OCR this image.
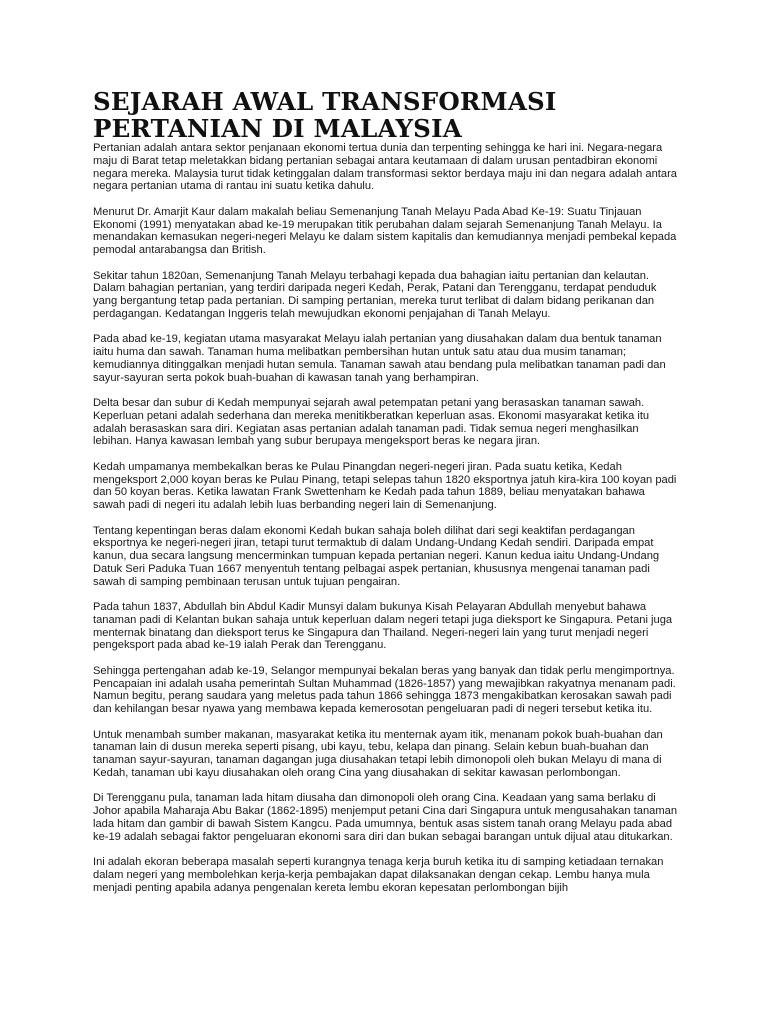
SEJARAH AWAL TRANSFORMASI
PERTANIAN DI MALAYSIA

Pertanian adalah antara sektor penjanaan ekonomi tertua dunia dan terpenting sehingga ke hari ini. Negara-negara maju di Barat tetap meletakkan bidang pertanian sebagai antara keutamaan di dalam urusan pentadbiran ekonomi negara mereka. Malaysia turut tidak ketinggalan dalam transformasi sektor berdaya maju ini dan negara adalah antara negara pertanian utama di rantau ini suatu ketika dahulu.

Menurut Dr. Amarjit Kaur dalam makalah beliau Semenanjung Tanah Melayu Pada Abad Ke-19: Suatu Tinjauan Ekonomi (1991) menyatakan abad ke-19 merupakan titik perubahan dalam sejarah Semenanjung Tanah Melayu. Ia menandakan kemasukan negeri-negeri Melayu ke dalam sistem kapitalis dan kemudiannya menjadi pembekal kepada pemodal antarabangsa dan British.

Sekitar tahun 1820an, Semenanjung Tanah Melayu terbahagi kepada dua bahagian iaitu pertanian dan kelautan. Dalam bahagian pertanian, yang terdiri daripada negeri Kedah, Perak, Patani dan Terengganu, terdapat penduduk yang bergantung tetap pada pertanian. Di samping pertanian, mereka turut terlibat di dalam bidang perikanan dan perdagangan. Kedatangan Inggeris telah mewujudkan ekonomi penjajahan di Tanah Melayu.

Pada abad ke-19, kegiatan utama masyarakat Melayu ialah pertanian yang diusahakan dalam dua bentuk tanaman iaitu huma dan sawah. Tanaman huma melibatkan pembersihan hutan untuk satu atau dua musim tanaman; kemudiannya ditinggalkan menjadi hutan semula. Tanaman sawah atau bendang pula melibatkan tanaman padi dan sayur-sayuran serta pokok buah-buahan di kawasan tanah yang berhampiran.

Delta besar dan subur di Kedah mempunyai sejarah awal petempatan petani yang berasaskan tanaman sawah. Keperluan petani adalah sederhana dan mereka menitikberatkan keperluan asas. Ekonomi masyarakat ketika itu adalah berasaskan sara diri. Kegiatan asas pertanian adalah tanaman padi. Tidak semua negeri menghasilkan lebihan. Hanya kawasan lembah yang subur berupaya mengeksport beras ke negara jiran.

Kedah umpamanya membekalkan beras ke Pulau Pinangdan negeri-negeri jiran. Pada suatu ketika, Kedah mengeksport 2,000 koyan beras ke Pulau Pinang, tetapi selepas tahun 1820 eksportnya jatuh kira-kira 100 koyan padi dan 50 koyan beras. Ketika lawatan Frank Swettenham ke Kedah pada tahun 1889, beliau menyatakan bahawa sawah padi di negeri itu adalah lebih luas berbanding negeri lain di Semenanjung.

Tentang kepentingan beras dalam ekonomi Kedah bukan sahaja boleh dilihat dari segi keaktifan perdagangan eksportnya ke negeri-negeri jiran, tetapi turut termaktub di dalam Undang-Undang Kedah sendiri. Daripada empat kanun, dua secara langsung mencerminkan tumpuan kepada pertanian negeri. Kanun kedua iaitu Undang-Undang Datuk Seri Paduka Tuan 1667 menyentuh tentang pelbagai aspek pertanian, khususnya mengenai tanaman padi sawah di samping pembinaan terusan untuk tujuan pengairan.

Pada tahun 1837, Abdullah bin Abdul Kadir Munsyi dalam bukunya Kisah Pelayaran Abdullah menyebut bahawa tanaman padi di Kelantan bukan sahaja untuk keperluan dalam negeri tetapi juga dieksport ke Singapura. Petani juga menternak binatang dan dieksport terus ke Singapura dan Thailand. Negeri-negeri lain yang turut menjadi negeri pengeksport pada abad ke-19 ialah Perak dan Terengganu.

Sehingga pertengahan adab ke-19, Selangor mempunyai bekalan beras yang banyak dan tidak perlu mengimportnya. Pencapaian ini adalah usaha pemerintah Sultan Muhammad (1826-1857) yang mewajibkan rakyatnya menanam padi. Namun begitu, perang saudara yang meletus pada tahun 1866 sehingga 1873 mengakibatkan kerosakan sawah padi dan kehilangan besar nyawa yang membawa kepada kemerosotan pengeluaran padi di negeri tersebut ketika itu.

Untuk menambah sumber makanan, masyarakat ketika itu menternak ayam itik, menanam pokok buah-buahan dan tanaman lain di dusun mereka seperti pisang, ubi kayu, tebu, kelapa dan pinang. Selain kebun buah-buahan dan tanaman sayur-sayuran, tanaman dagangan juga diusahakan tetapi lebih dimonopoli oleh bukan Melayu di mana di Kedah, tanaman ubi kayu diusahakan oleh orang Cina yang diusahakan di sekitar kawasan perlombongan.

Di Terengganu pula, tanaman lada hitam diusaha dan dimonopoli oleh orang Cina. Keadaan yang sama berlaku di Johor apabila Maharaja Abu Bakar (1862-1895) menjemput petani Cina dari Singapura untuk mengusahakan tanaman lada hitam dan gambir di bawah Sistem Kangcu. Pada umumnya, bentuk asas sistem tanah orang Melayu pada abad ke-19 adalah sebagai faktor pengeluaran ekonomi sara diri dan bukan sebagai barangan untuk dijual atau ditukarkan.

Ini adalah ekoran beberapa masalah seperti kurangnya tenaga kerja buruh ketika itu di samping ketiadaan ternakan dalam negeri yang membolehkan kerja-kerja pembajakan dapat dilaksanakan dengan cekap. Lembu hanya mula menjadi penting apabila adanya pengenalan kereta lembu ekoran kepesatan perlombongan bijih
